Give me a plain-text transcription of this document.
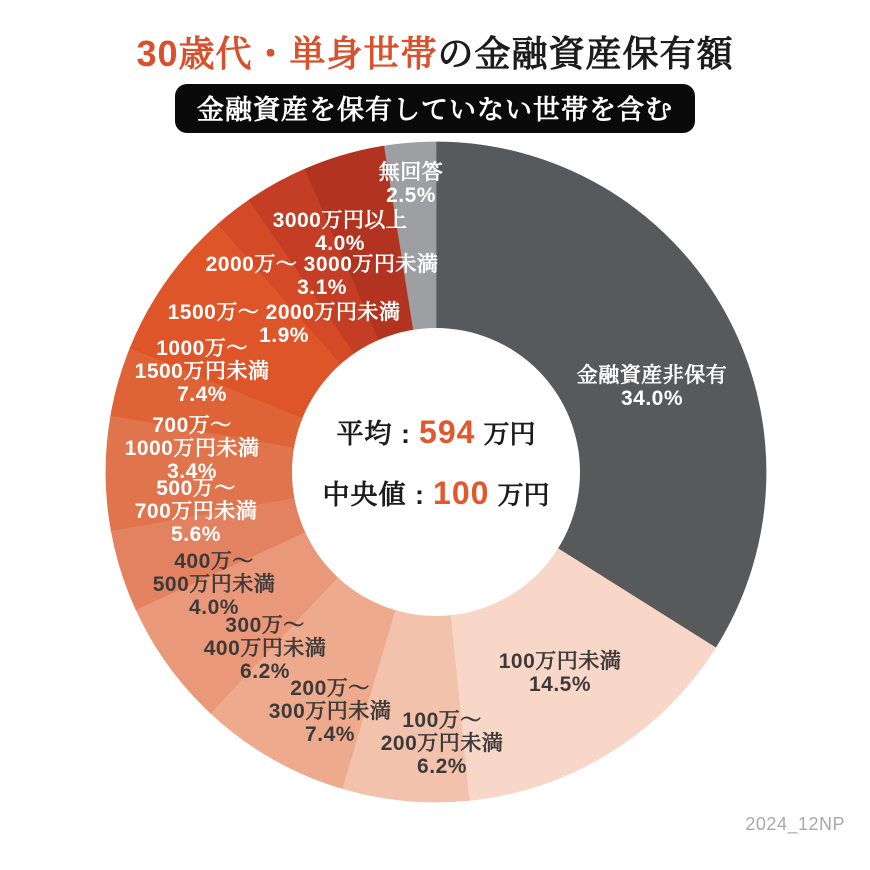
30歳代・単身世帯の金融資産保有額
金融資産を保有していない世帯を含む
金融資産非保有
34.0%
100万円未満
14.5%
100万〜
200万円未満
6.2%
200万〜
300万円未満
7.4%
300万〜
400万円未満
6.2%
400万〜
500万円未満
4.0%
500万〜
700万円未満
5.6%
700万〜
1000万円未満
3.4%
1000万〜
1500万円未満
7.4%
1500万〜 2000万円未満
1.9%
2000万〜 3000万円未満
3.1%
3000万円以上
4.0%
無回答
2.5%
平均 : 594 万円
中央値 : 100 万円
2024_12NP
